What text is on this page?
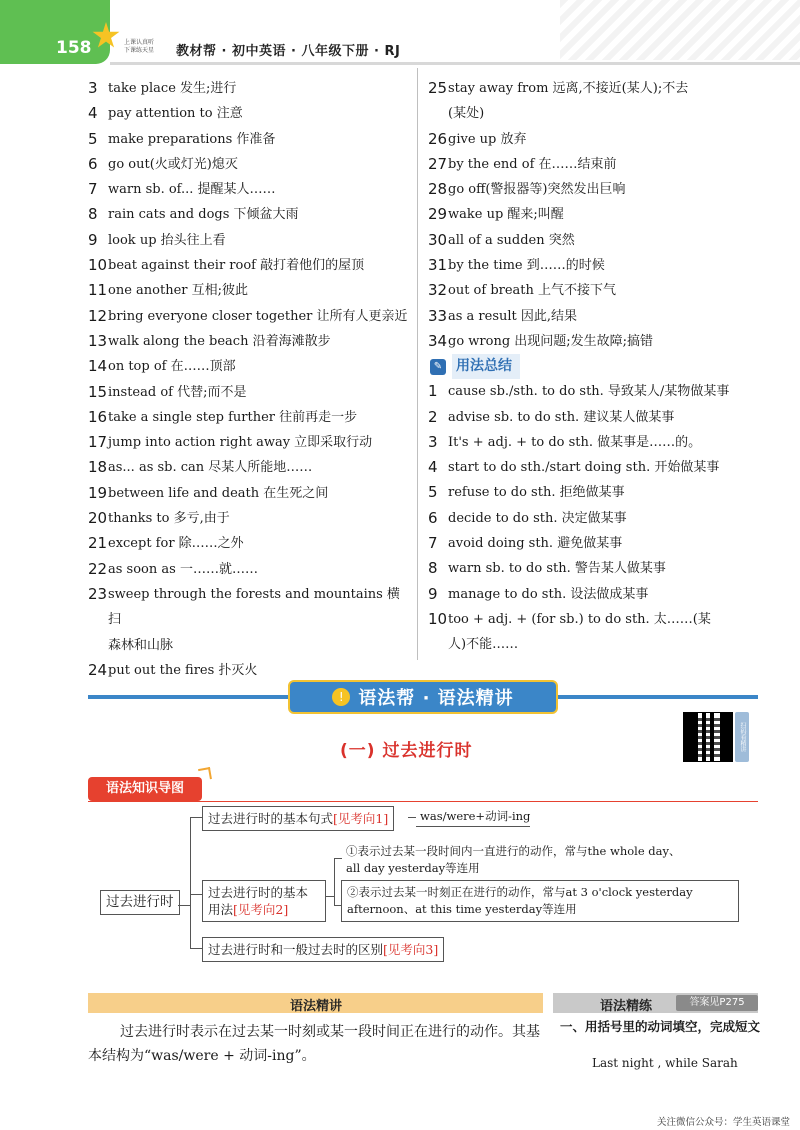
158	上课认真听
下课练天星 教材帮 · 初中英语 · 八年级下册 · RJ
3 take place 发生;进行
4 pay attention to 注意
5 make preparations 作准备
6 go out(火或灯光)熄灭
7 warn sb. of... 提醒某人……
8 rain cats and dogs 下倾盆大雨
9 look up 抬头往上看
10 beat against their roof 敲打着他们的屋顶
11 one another 互相;彼此
12 bring everyone closer together 让所有人更亲近
13 walk along the beach 沿着海滩散步
14 on top of 在……顶部
15 instead of 代替;而不是
16 take a single step further 往前再走一步
17 jump into action right away 立即采取行动
18 as... as sb. can 尽某人所能地……
19 between life and death 在生死之间
20 thanks to 多亏,由于
21 except for 除……之外
22 as soon as 一……就……
23 sweep through the forests and mountains 横扫
森林和山脉
24 put out the fires 扑灭火
25 stay away from 远离,不接近(某人);不去
(某处)
26 give up 放弃
27 by the end of 在……结束前
28 go off(警报器等)突然发出巨响
29 wake up 醒来;叫醒
30 all of a sudden 突然
31 by the time 到……的时候
32 out of breath 上气不接下气
33 as a result 因此,结果
34 go wrong 出现问题;发生故障;搞错
✎ 用法总结
1 cause sb./sth. to do sth. 导致某人/某物做某事
2 advise sb. to do sth. 建议某人做某事
3 It's + adj. + to do sth. 做某事是……的。
4 start to do sth./start doing sth. 开始做某事
5 refuse to do sth. 拒绝做某事
6 decide to do sth. 决定做某事
7 avoid doing sth. 避免做某事
8 warn sb. to do sth. 警告某人做某事
9 manage to do sth. 设法做成某事
10 too + adj. + (for sb.) to do sth. 太……(某
人)不能……
! 语法帮 · 语法精讲
扫码看精讲
(一) 过去进行时
语法知识导图
过去进行时
过去进行时的基本句式[见考向1]	was/were+动词-ing
过去进行时的基本
用法[见考向2]
①表示过去某一段时间内一直进行的动作，常与the whole day、
all day yesterday等连用
②表示过去某一时刻正在进行的动作，常与at 3 o'clock yesterday
afternoon、at this time yesterday等连用
过去进行时和一般过去时的区别[见考向3]
语法精讲	语法精练	答案见P275
过去进行时表示在过去某一时刻或某一段时间正在进行的动作。其基本结构为“was/were + 动词-ing”。
一、用括号里的动词填空，完成短文
Last night , while Sarah
关注微信公众号：学生英语课堂
